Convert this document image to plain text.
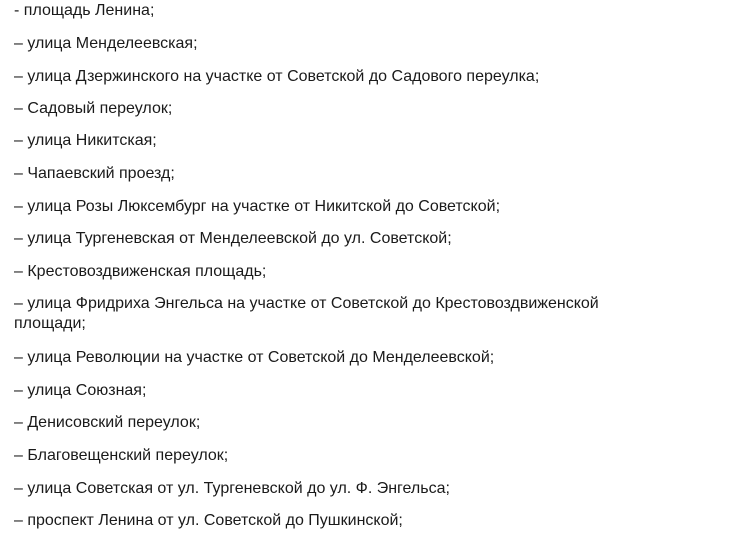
- площадь Ленина;

– улица Менделеевская;

– улица Дзержинского на участке от Советской до Садового переулка;

– Садовый переулок;

– улица Никитская;

– Чапаевский проезд;

– улица Розы Люксембург на участке от Никитской до Советской;

– улица Тургеневская от Менделеевской до ул. Советской;

– Крестовоздвиженская площадь;

– улица Фридриха Энгельса на участке от Советской до Крестовоздвиженской площади;

– улица Революции на участке от Советской до Менделеевской;

– улица Союзная;

– Денисовский переулок;

– Благовещенский переулок;

– улица Советская от ул. Тургеневской до ул. Ф. Энгельса;

– проспект Ленина от ул. Советской до Пушкинской;
